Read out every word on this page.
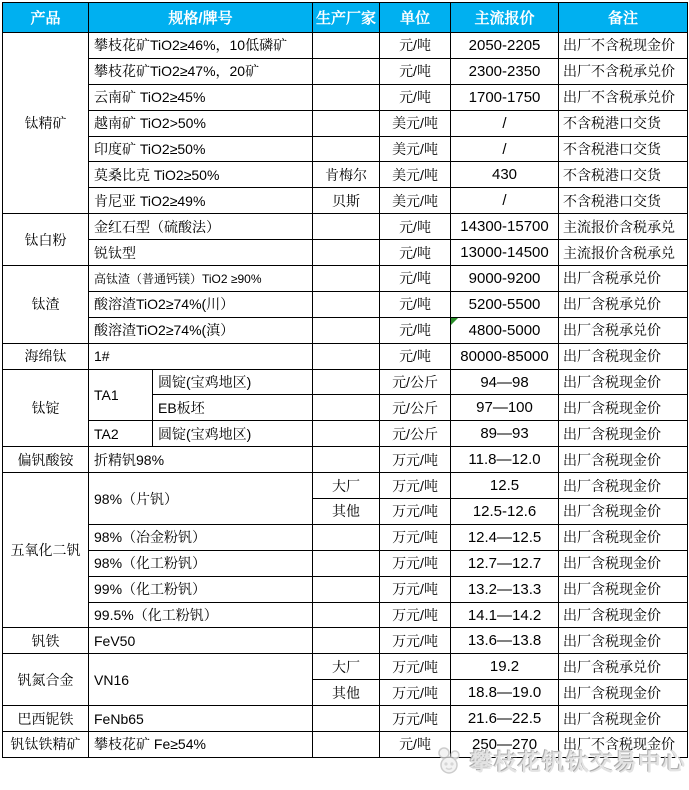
产品	规格/牌号		生产厂家	单位	主流报价	备注
钛精矿	攀枝花矿TiO2≥46%，10低磷矿			元/吨	2050-2205	出厂不含税现金价
	攀枝花矿TiO2≥47%，20矿			元/吨	2300-2350	出厂不含税承兑价
	云南矿 TiO2≥45%			元/吨	1700-1750	出厂不含税承兑价
	越南矿 TiO2>50%			美元/吨	/	不含税港口交货
	印度矿 TiO2≥50%			美元/吨	/	不含税港口交货
	莫桑比克 TiO2≥50%		肯梅尔	美元/吨	430	不含税港口交货
	肯尼亚 TiO2≥49%		贝斯	美元/吨	/	不含税港口交货
钛白粉	金红石型（硫酸法）			元/吨	14300-15700	主流报价含税承兑
	锐钛型			元/吨	13000-14500	主流报价含税承兑
钛渣	高钛渣（普通钙镁）TiO2 ≥90%			元/吨	9000-9200	出厂含税承兑价
	酸溶渣TiO2≥74%(川）			元/吨	5200-5500	出厂含税承兑价
	酸溶渣TiO2≥74%(滇）			元/吨	4800-5000	出厂含税承兑价
海绵钛	1#			元/吨	80000-85000	出厂含税现金价
钛锭	TA1	圆锭(宝鸡地区)		元/公斤	94—98	出厂含税现金价
		EB板坯		元/公斤	97—100	出厂含税现金价
	TA2	圆锭(宝鸡地区)		元/公斤	89—93	出厂含税现金价
偏钒酸铵	折精钒98%			万元/吨	11.8—12.0	出厂含税现金价
五氧化二钒	98%（片钒）		大厂	万元/吨	12.5	出厂含税现金价
			其他	万元/吨	12.5-12.6	出厂含税现金价
	98%（冶金粉钒）			万元/吨	12.4—12.5	出厂含税现金价
	98%（化工粉钒）			万元/吨	12.7—12.7	出厂含税现金价
	99%（化工粉钒）			万元/吨	13.2—13.3	出厂含税现金价
	99.5%（化工粉钒）			万元/吨	14.1—14.2	出厂含税现金价
钒铁	FeV50			万元/吨	13.6—13.8	出厂含税现金价
钒氮合金	VN16		大厂	万元/吨	19.2	出厂含税承兑价
			其他	万元/吨	18.8—19.0	出厂含税现金价
巴西铌铁	FeNb65			万元/吨	21.6—22.5	出厂含税现金价
钒钛铁精矿	攀枝花矿 Fe≥54%			元/吨	250—270	出厂不含税现金价
攀枝花钒钛交易中心
